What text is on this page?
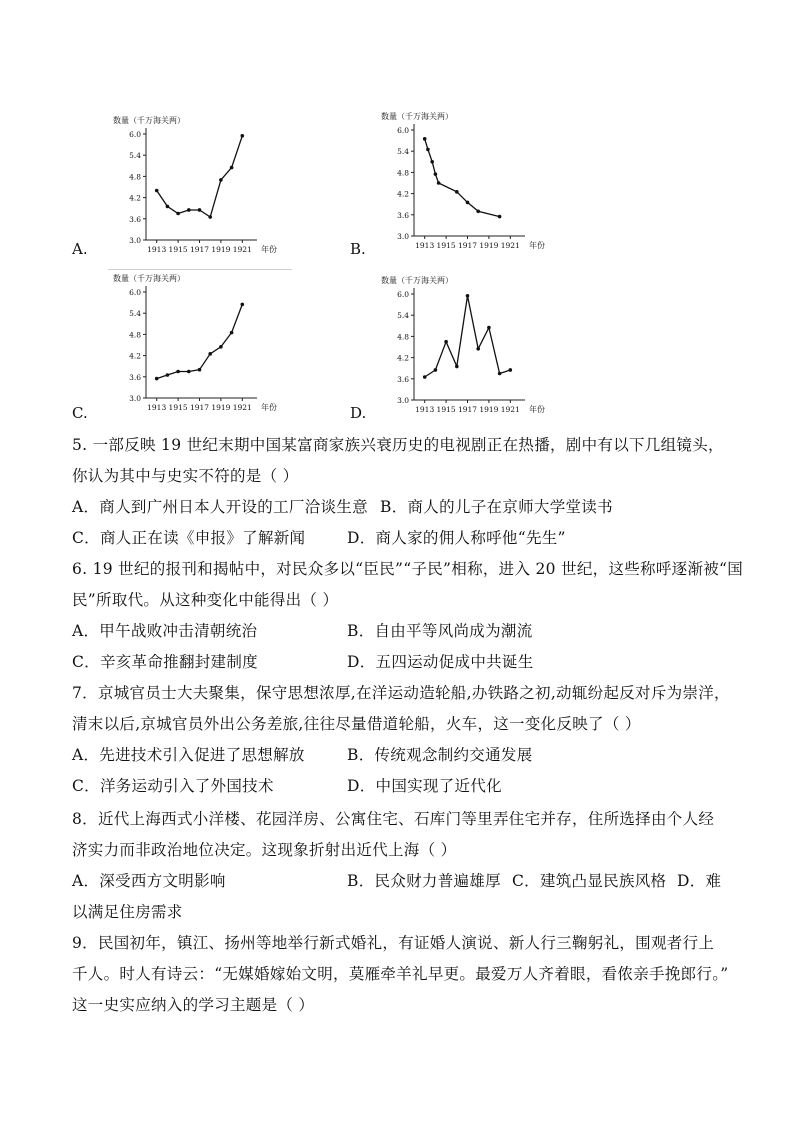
数量（千万海关两）
6.0
5.4
4.8
4.2
3.6
3.0
1913 1915 1917 1919 1921 年份
A.
数量（千万海关两）
6.0
5.4
4.8
4.2
3.6
3.0
1913 1915 1917 1919 1921 年份
B.
数量（千万海关两）
6.0
5.4
4.8
4.2
3.6
3.0
1913 1915 1917 1919 1921 年份
C.
数量（千万海关两）
6.0
5.4
4.8
4.2
3.6
3.0
1913 1915 1917 1919 1921 年份
D.
5. 一部反映 19 世纪末期中国某富商家族兴衰历史的电视剧正在热播，剧中有以下几组镜头，
你认为其中与史实不符的是（ ）
A．商人到广州日本人开设的工厂洽谈生意 B．商人的儿子在京师大学堂读书
C．商人正在读《申报》了解新闻	D．商人家的佣人称呼他“先生”
6. 19 世纪的报刊和揭帖中，对民众多以“臣民”“子民”相称，进入 20 世纪，这些称呼逐渐被“国
民”所取代。从这种变化中能得出（ ）
A．甲午战败冲击清朝统治	B．自由平等风尚成为潮流
C．辛亥革命推翻封建制度	D．五四运动促成中共诞生
7．京城官员士大夫聚集，保守思想浓厚,在洋运动造轮船,办铁路之初,动辄纷起反对斥为崇洋，
清末以后,京城官员外出公务差旅,往往尽量借道轮船，火车，这一变化反映了（ ）
A．先进技术引入促进了思想解放	B．传统观念制约交通发展
C．洋务运动引入了外国技术	D．中国实现了近代化
8．近代上海西式小洋楼、花园洋房、公寓住宅、石库门等里弄住宅并存，住所选择由个人经
济实力而非政治地位决定。这现象折射出近代上海（ ）
A．深受西方文明影响	B．民众财力普遍雄厚 C．建筑凸显民族风格 D．难
以满足住房需求
9．民国初年，镇江、扬州等地举行新式婚礼，有证婚人演说、新人行三鞠躬礼，围观者行上
千人。时人有诗云：“无媒婚嫁始文明，莫雁牵羊礼早更。最爱万人齐着眼，看侬亲手挽郎行。”
这一史实应纳入的学习主题是（ ）
